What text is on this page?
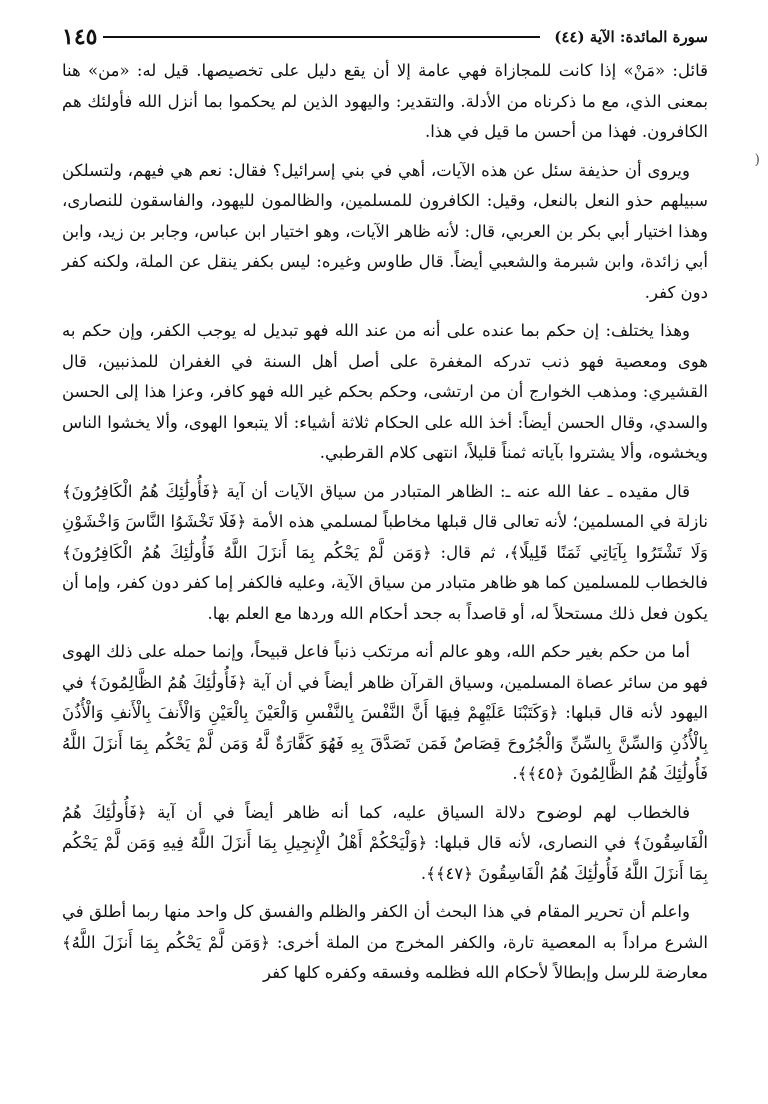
سورة المائدة: الآية (٤٤)
١٤٥

قائل: «مَنْ» إذا كانت للمجازاة فهي عامة إلا أن يقع دليل على تخصيصها. قيل له: «من» هنا بمعنى الذي، مع ما ذكرناه من الأدلة. والتقدير: واليهود الذين لم يحكموا بما أنزل الله فأولئك هم الكافرون. فهذا من أحسن ما قيل في هذا.

ويروى أن حذيفة سئل عن هذه الآيات، أهي في بني إسرائيل؟ فقال: نعم هي فيهم، ولتسلكن سبيلهم حذو النعل بالنعل، وقيل: الكافرون للمسلمين، والظالمون لليهود، والفاسقون للنصارى، وهذا اختيار أبي بكر بن العربي، قال: لأنه ظاهر الآيات، وهو اختيار ابن عباس، وجابر بن زيد، وابن أبي زائدة، وابن شبرمة والشعبي أيضاً. قال طاوس وغيره: ليس بكفر ينقل عن الملة، ولكنه كفر دون كفر.

وهذا يختلف: إن حكم بما عنده على أنه من عند الله فهو تبديل له يوجب الكفر، وإن حكم به هوى ومعصية فهو ذنب تدركه المغفرة على أصل أهل السنة في الغفران للمذنبين، قال القشيري: ومذهب الخوارج أن من ارتشى، وحكم بحكم غير الله فهو كافر، وعزا هذا إلى الحسن والسدي، وقال الحسن أيضاً: أخذ الله على الحكام ثلاثة أشياء: ألا يتبعوا الهوى، وألا يخشوا الناس ويخشوه، وألا يشتروا بآياته ثمناً قليلاً، انتهى كلام القرطبي.

قال مقيده ـ عفا الله عنه ـ: الظاهر المتبادر من سياق الآيات أن آية ﴿فَأُولَٰئِكَ هُمُ الْكَافِرُونَ﴾ نازلة في المسلمين؛ لأنه تعالى قال قبلها مخاطباً لمسلمي هذه الأمة ﴿فَلَا تَخْشَوُا النَّاسَ وَاخْشَوْنِ وَلَا تَشْتَرُوا بِآيَاتِي ثَمَنًا قَلِيلًا﴾، ثم قال: ﴿وَمَن لَّمْ يَحْكُم بِمَا أَنزَلَ اللَّهُ فَأُولَٰئِكَ هُمُ الْكَافِرُونَ﴾ فالخطاب للمسلمين كما هو ظاهر متبادر من سياق الآية، وعليه فالكفر إما كفر دون كفر، وإما أن يكون فعل ذلك مستحلاً له، أو قاصداً به جحد أحكام الله وردها مع العلم بها.

أما من حكم بغير حكم الله، وهو عالم أنه مرتكب ذنباً فاعل قبيحاً، وإنما حمله على ذلك الهوى فهو من سائر عصاة المسلمين، وسياق القرآن ظاهر أيضاً في أن آية ﴿فَأُولَٰئِكَ هُمُ الظَّالِمُونَ﴾ في اليهود لأنه قال قبلها: ﴿وَكَتَبْنَا عَلَيْهِمْ فِيهَا أَنَّ النَّفْسَ بِالنَّفْسِ وَالْعَيْنَ بِالْعَيْنِ وَالْأَنفَ بِالْأَنفِ وَالْأُذُنَ بِالْأُذُنِ وَالسِّنَّ بِالسِّنِّ وَالْجُرُوحَ قِصَاصٌ فَمَن تَصَدَّقَ بِهِ فَهُوَ كَفَّارَةٌ لَّهُ وَمَن لَّمْ يَحْكُم بِمَا أَنزَلَ اللَّهُ فَأُولَٰئِكَ هُمُ الظَّالِمُونَ ﴿٤٥﴾﴾.

فالخطاب لهم لوضوح دلالة السياق عليه، كما أنه ظاهر أيضاً في أن آية ﴿فَأُولَٰئِكَ هُمُ الْفَاسِقُونَ﴾ في النصارى، لأنه قال قبلها: ﴿وَلْيَحْكُمْ أَهْلُ الْإِنجِيلِ بِمَا أَنزَلَ اللَّهُ فِيهِ وَمَن لَّمْ يَحْكُم بِمَا أَنزَلَ اللَّهُ فَأُولَٰئِكَ هُمُ الْفَاسِقُونَ ﴿٤٧﴾﴾.

واعلم أن تحرير المقام في هذا البحث أن الكفر والظلم والفسق كل واحد منها ربما أطلق في الشرع مراداً به المعصية تارة، والكفر المخرج من الملة أخرى: ﴿وَمَن لَّمْ يَحْكُم بِمَا أَنزَلَ اللَّهُ﴾ معارضة للرسل وإبطالاً لأحكام الله فظلمه وفسقه وكفره كلها كفر

(
